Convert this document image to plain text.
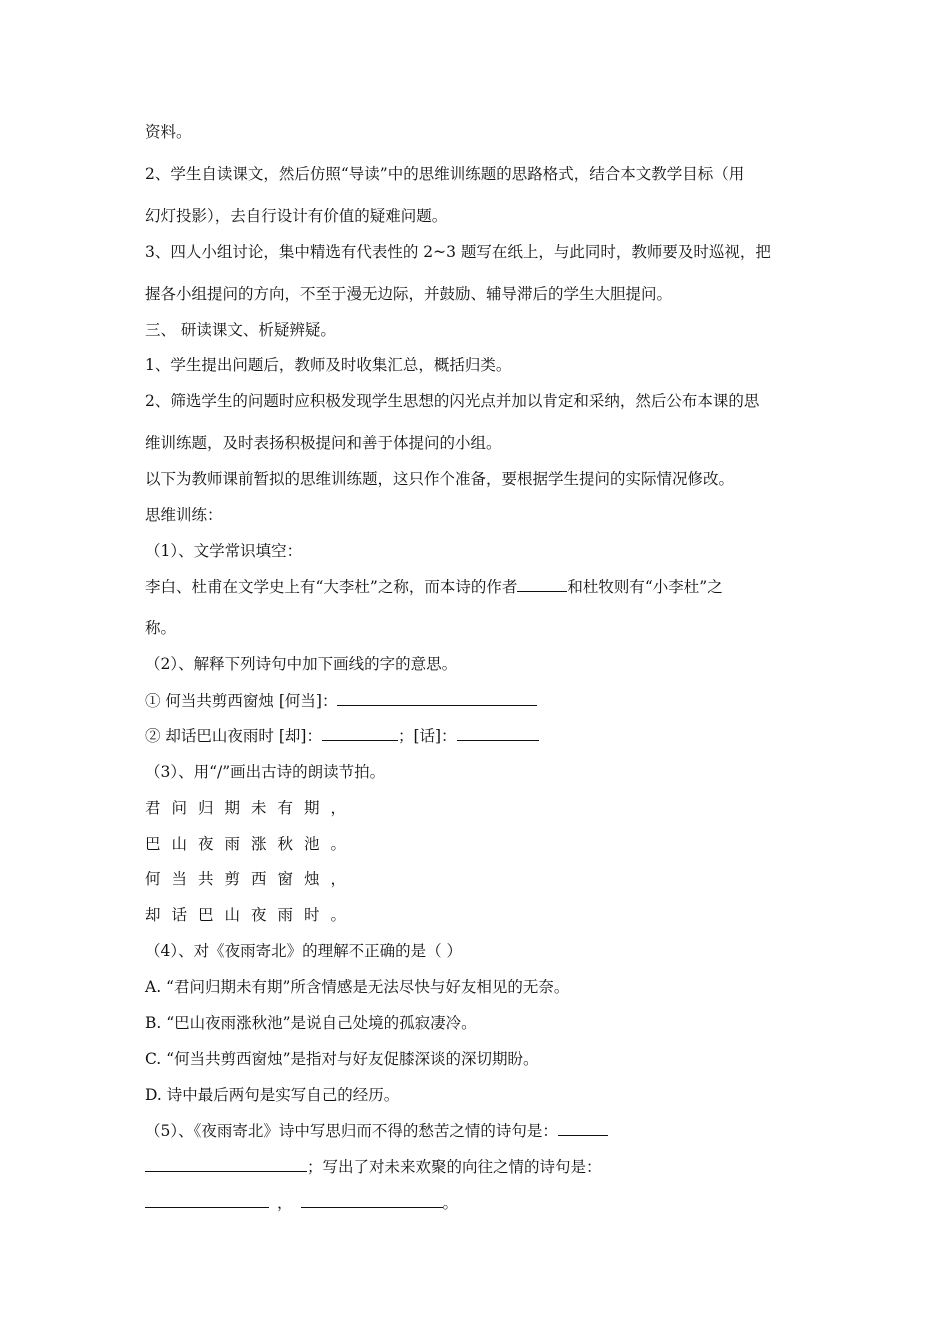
资料。
2、学生自读课文，然后仿照“导读”中的思维训练题的思路格式，结合本文教学目标（用
幻灯投影），去自行设计有价值的疑难问题。
3、四人小组讨论，集中精选有代表性的 2~3 题写在纸上，与此同时，教师要及时巡视，把
握各小组提问的方向，不至于漫无边际，并鼓励、辅导滞后的学生大胆提问。
三、 研读课文、析疑辨疑。
1、学生提出问题后，教师及时收集汇总，概括归类。
2、筛选学生的问题时应积极发现学生思想的闪光点并加以肯定和采纳，然后公布本课的思
维训练题，及时表扬积极提问和善于体提问的小组。
以下为教师课前暂拟的思维训练题，这只作个准备，要根据学生提问的实际情况修改。
思维训练：
（1）、文学常识填空：
李白、杜甫在文学史上有“大李杜”之称，而本诗的作者	和杜牧则有“小李杜”之
称。
（2）、解释下列诗句中加下画线的字的意思。
① 何当共剪西窗烛 [何当]：
② 却话巴山夜雨时 [却]：	；[话]：
（3）、用“/”画出古诗的朗读节拍。
君问归期未有期，
巴山夜雨涨秋池。
何当共剪西窗烛，
却话巴山夜雨时。
（4）、对《夜雨寄北》的理解不正确的是（ ）
A. “君问归期未有期”所含情感是无法尽快与好友相见的无奈。
B. “巴山夜雨涨秋池”是说自己处境的孤寂凄冷。
C. “何当共剪西窗烛”是指对与好友促膝深谈的深切期盼。
D. 诗中最后两句是实写自己的经历。
（5）、《夜雨寄北》诗中写思归而不得的愁苦之情的诗句是：
；写出了对未来欢聚的向往之情的诗句是：
，	。
